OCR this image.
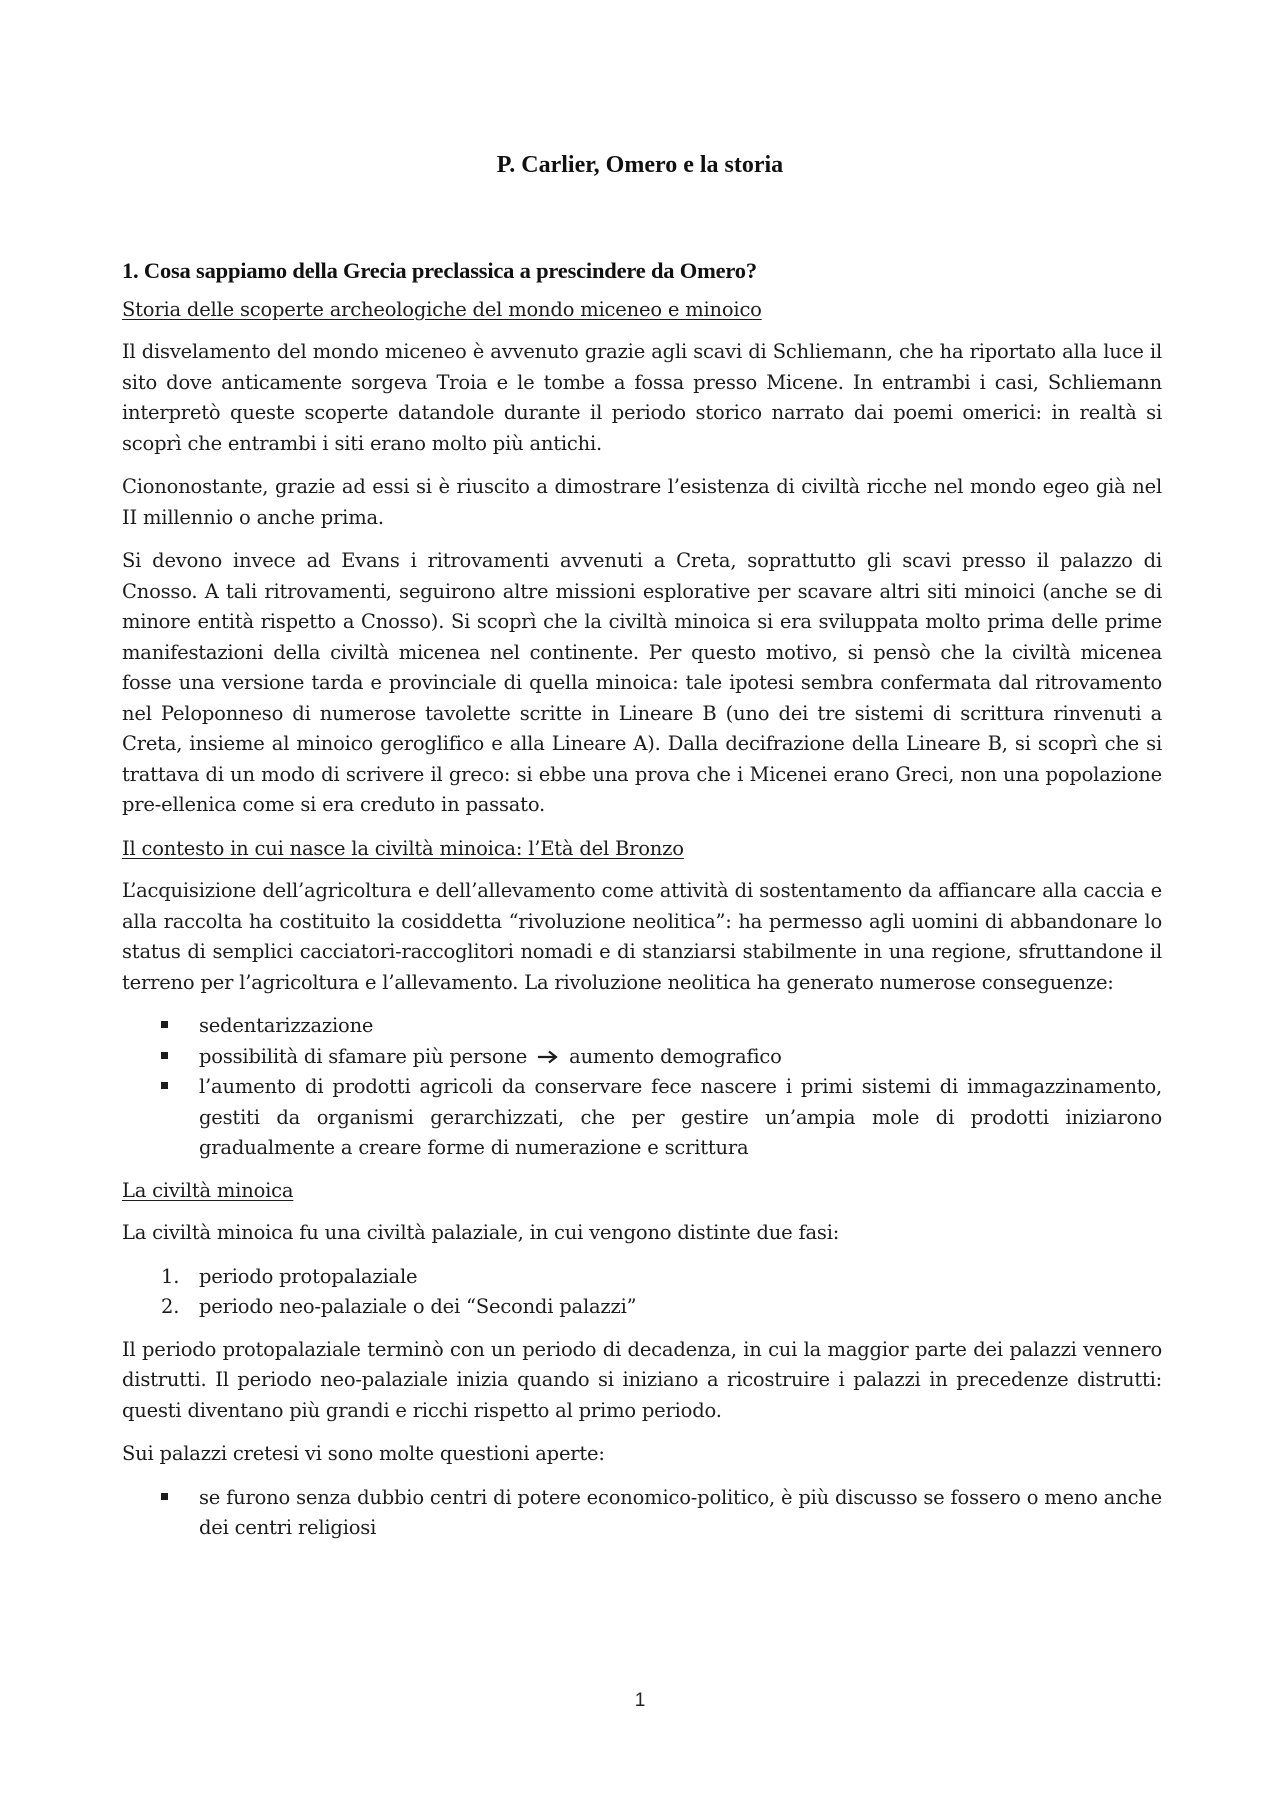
P. Carlier, Omero e la storia
1. Cosa sappiamo della Grecia preclassica a prescindere da Omero?
Storia delle scoperte archeologiche del mondo miceneo e minoico

Il disvelamento del mondo miceneo è avvenuto grazie agli scavi di Schliemann, che ha riportato alla luce il sito dove anticamente sorgeva Troia e le tombe a fossa presso Micene. In entrambi i casi, Schliemann interpretò queste scoperte datandole durante il periodo storico narrato dai poemi omerici: in realtà si scoprì che entrambi i siti erano molto più antichi.

Ciononostante, grazie ad essi si è riuscito a dimostrare l’esistenza di civiltà ricche nel mondo egeo già nel II millennio o anche prima.

Si devono invece ad Evans i ritrovamenti avvenuti a Creta, soprattutto gli scavi presso il palazzo di Cnosso. A tali ritrovamenti, seguirono altre missioni esplorative per scavare altri siti minoici (anche se di minore entità rispetto a Cnosso). Si scoprì che la civiltà minoica si era sviluppata molto prima delle prime manifestazioni della civiltà micenea nel continente. Per questo motivo, si pensò che la civiltà micenea fosse una versione tarda e provinciale di quella minoica: tale ipotesi sembra confermata dal ritrovamento nel Peloponneso di numerose tavolette scritte in Lineare B (uno dei tre sistemi di scrittura rinvenuti a Creta, insieme al minoico geroglifico e alla Lineare A). Dalla decifrazione della Lineare B, si scoprì che si trattava di un modo di scrivere il greco: si ebbe una prova che i Micenei erano Greci, non una popolazione pre-ellenica come si era creduto in passato.

Il contesto in cui nasce la civiltà minoica: l’Età del Bronzo

L’acquisizione dell’agricoltura e dell’allevamento come attività di sostentamento da affiancare alla caccia e alla raccolta ha costituito la cosiddetta “rivoluzione neolitica”: ha permesso agli uomini di abbandonare lo status di semplici cacciatori-raccoglitori nomadi e di stanziarsi stabilmente in una regione, sfruttandone il terreno per l’agricoltura e l’allevamento. La rivoluzione neolitica ha generato numerose conseguenze:

sedentarizzazione
possibilità di sfamare più persone aumento demografico
l’aumento di prodotti agricoli da conservare fece nascere i primi sistemi di immagazzinamento, gestiti da organismi gerarchizzati, che per gestire un’ampia mole di prodotti iniziarono gradualmente a creare forme di numerazione e scrittura
La civiltà minoica

La civiltà minoica fu una civiltà palaziale, in cui vengono distinte due fasi:

1. periodo protopalaziale
2. periodo neo-palaziale o dei “Secondi palazzi”

Il periodo protopalaziale terminò con un periodo di decadenza, in cui la maggior parte dei palazzi vennero distrutti. Il periodo neo-palaziale inizia quando si iniziano a ricostruire i palazzi in precedenze distrutti: questi diventano più grandi e ricchi rispetto al primo periodo.

Sui palazzi cretesi vi sono molte questioni aperte:

se furono senza dubbio centri di potere economico-politico, è più discusso se fossero o meno anche dei centri religiosi
1
